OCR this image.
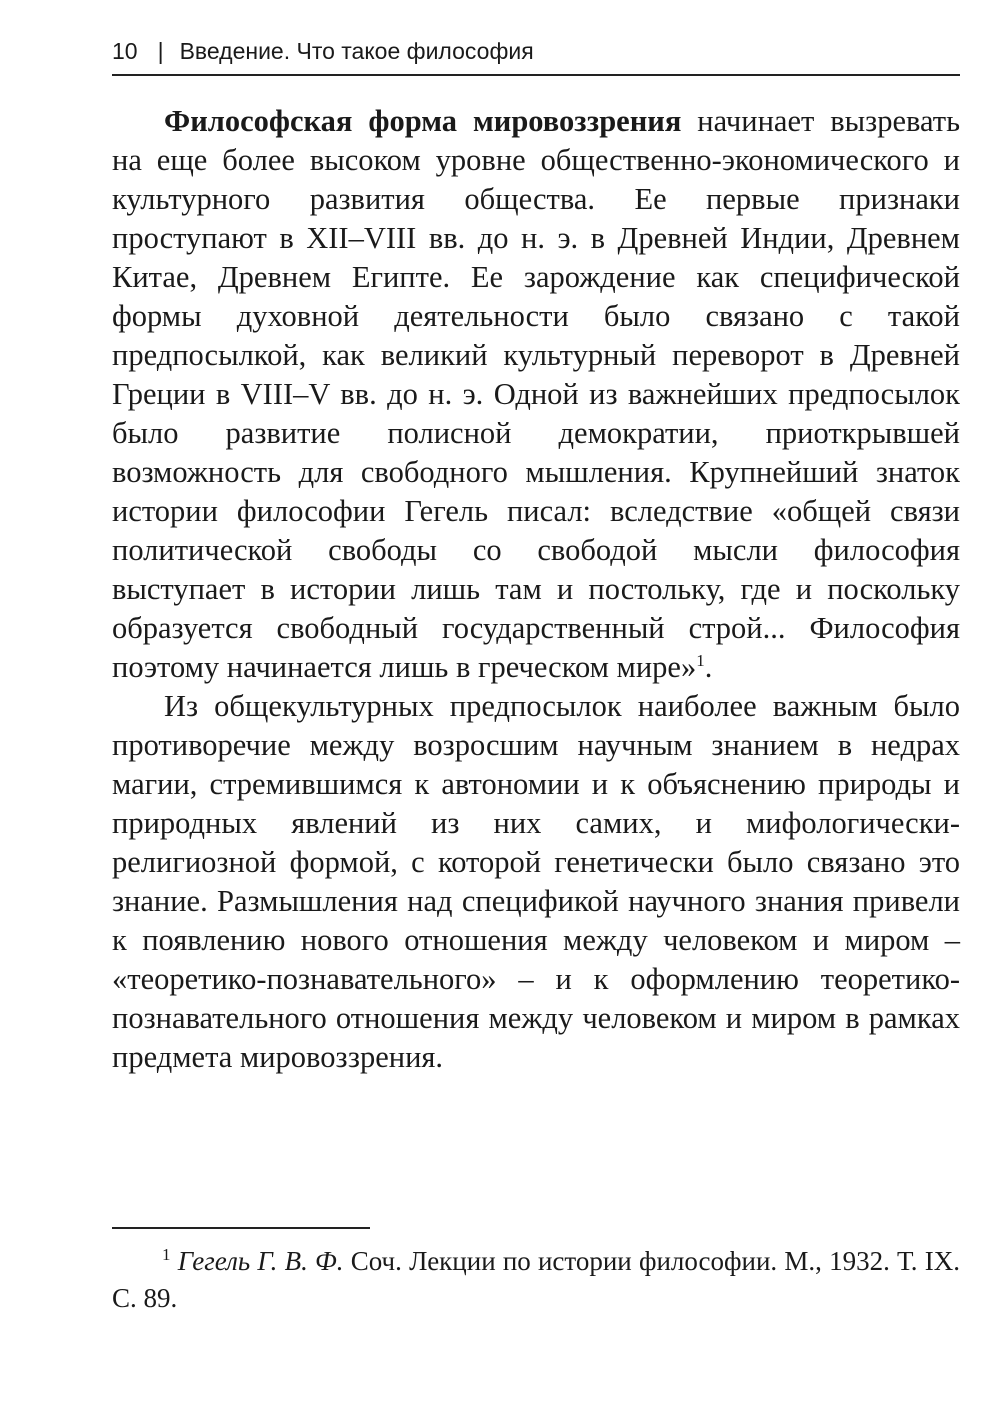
10 | Введение. Что такое философия

Философская форма мировоззрения начинает вызревать на еще более высоком уровне общественно-экономического и культурного развития общества. Ее первые признаки проступают в XII–VIII вв. до н. э. в Древней Индии, Древнем Китае, Древнем Египте. Ее зарождение как специфической формы духовной деятельности было связано с такой предпосылкой, как великий культурный переворот в Древней Греции в VIII–V вв. до н. э. Одной из важнейших предпосылок было развитие полисной демократии, приоткрывшей возможность для свободного мышления. Крупнейший знаток истории философии Гегель писал: вследствие «общей связи политической свободы со свободой мысли философия выступает в истории лишь там и постольку, где и поскольку образуется свободный государственный строй... Философия поэтому начинается лишь в греческом мире»$^1$.

Из общекультурных предпосылок наиболее важным было противоречие между возросшим научным знанием в недрах магии, стремившимся к автономии и к объяснению природы и природных явлений из них самих, и мифологически-религиозной формой, с которой генетически было связано это знание. Размышления над спецификой научного знания привели к появлению нового отношения между человеком и миром – «теоретико-познавательного» – и к оформлению теоретико-познавательного отношения между человеком и миром в рамках предмета мировоззрения.

$^1$ Гегель Г. В. Ф. Соч. Лекции по истории философии. М., 1932. Т. IX. С. 89.
